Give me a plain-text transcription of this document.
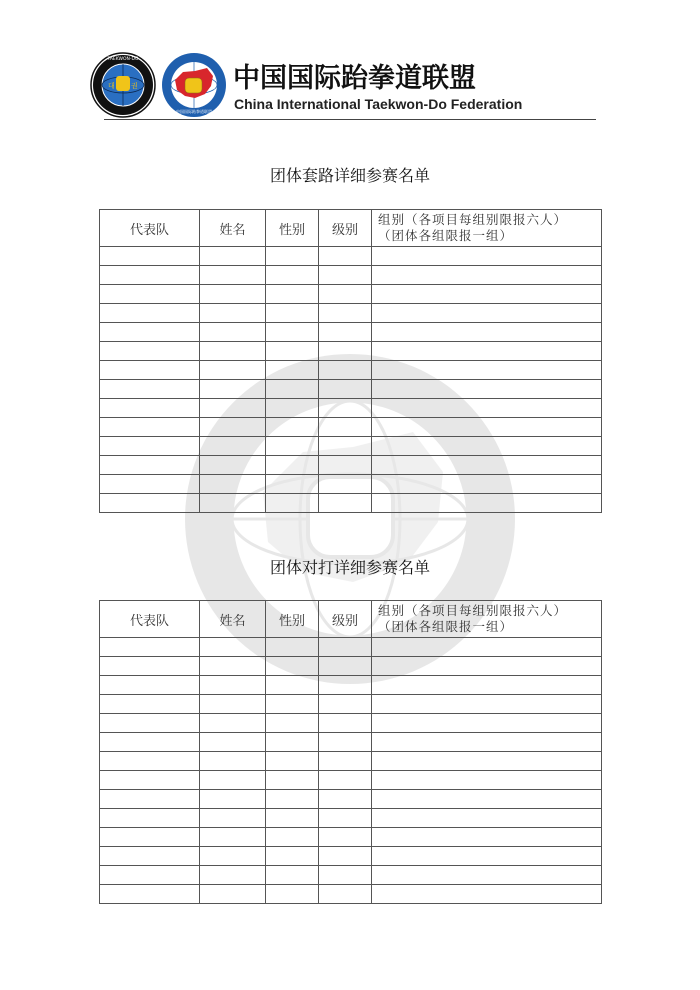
대 권
TAEKWON-DO
中国国际跆拳道联盟
中国国际跆拳道联盟
China International Taekwon-Do Federation
团体套路详细参赛名单
代表队	姓名	性别	级别	组别（各项目每组别限报六人）
（团体各组限报一组）

团体对打详细参赛名单
代表队	姓名	性别	级别	组别（各项目每组别限报六人）
（团体各组限报一组）
